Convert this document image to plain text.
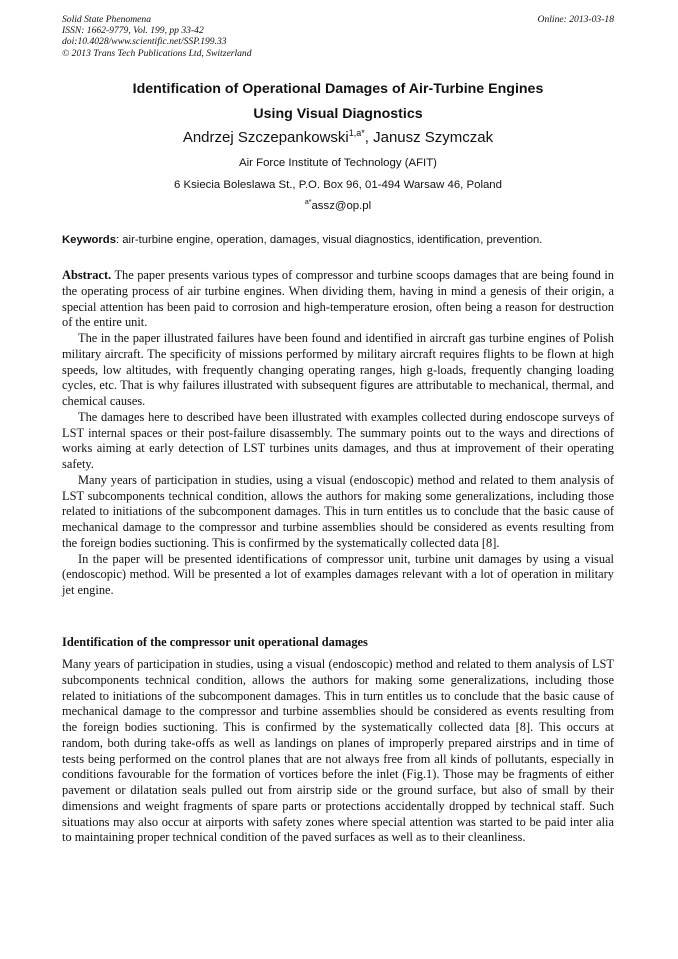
Solid State Phenomena
ISSN: 1662-9779, Vol. 199, pp 33-42
doi:10.4028/www.scientific.net/SSP.199.33
© 2013 Trans Tech Publications Ltd, Switzerland
Online: 2013-03-18
Identification of Operational Damages of Air-Turbine Engines
Using Visual Diagnostics
Andrzej Szczepankowski$^{1,a*}$, Janusz Szymczak
Air Force Institute of Technology (AFIT)
6 Ksiecia Boleslawa St., P.O. Box 96, 01-494 Warsaw 46, Poland
$^{a*}$assz@op.pl
Keywords: air-turbine engine, operation, damages, visual diagnostics, identification, prevention.

Abstract. The paper presents various types of compressor and turbine scoops damages that are being found in the operating process of air turbine engines. When dividing them, having in mind a genesis of their origin, a special attention has been paid to corrosion and high-temperature erosion, often being a reason for destruction of the entire unit.

The in the paper illustrated failures have been found and identified in aircraft gas turbine engines of Polish military aircraft. The specificity of missions performed by military aircraft requires flights to be flown at high speeds, low altitudes, with frequently changing operating ranges, high g-loads, frequently changing loading cycles, etc. That is why failures illustrated with subsequent figures are attributable to mechanical, thermal, and chemical causes.

The damages here to described have been illustrated with examples collected during endoscope surveys of LST internal spaces or their post-failure disassembly. The summary points out to the ways and directions of works aiming at early detection of LST turbines units damages, and thus at improvement of their operating safety.

Many years of participation in studies, using a visual (endoscopic) method and related to them analysis of LST subcomponents technical condition, allows the authors for making some generalizations, including those related to initiations of the subcomponent damages. This in turn entitles us to conclude that the basic cause of mechanical damage to the compressor and turbine assemblies should be considered as events resulting from the foreign bodies suctioning. This is confirmed by the systematically collected data [8].

In the paper will be presented identifications of compressor unit, turbine unit damages by using a visual (endoscopic) method. Will be presented a lot of examples damages relevant with a lot of operation in military jet engine.

Identification of the compressor unit operational damages

Many years of participation in studies, using a visual (endoscopic) method and related to them analysis of LST subcomponents technical condition, allows the authors for making some generalizations, including those related to initiations of the subcomponent damages. This in turn entitles us to conclude that the basic cause of mechanical damage to the compressor and turbine assemblies should be considered as events resulting from the foreign bodies suctioning. This is confirmed by the systematically collected data [8]. This occurs at random, both during take-offs as well as landings on planes of improperly prepared airstrips and in time of tests being performed on the control planes that are not always free from all kinds of pollutants, especially in conditions favourable for the formation of vortices before the inlet (Fig.1). Those may be fragments of either pavement or dilatation seals pulled out from airstrip side or the ground surface, but also of small by their dimensions and weight fragments of spare parts or protections accidentally dropped by technical staff. Such situations may also occur at airports with safety zones where special attention was started to be paid inter alia to maintaining proper technical condition of the paved surfaces as well as to their cleanliness.
